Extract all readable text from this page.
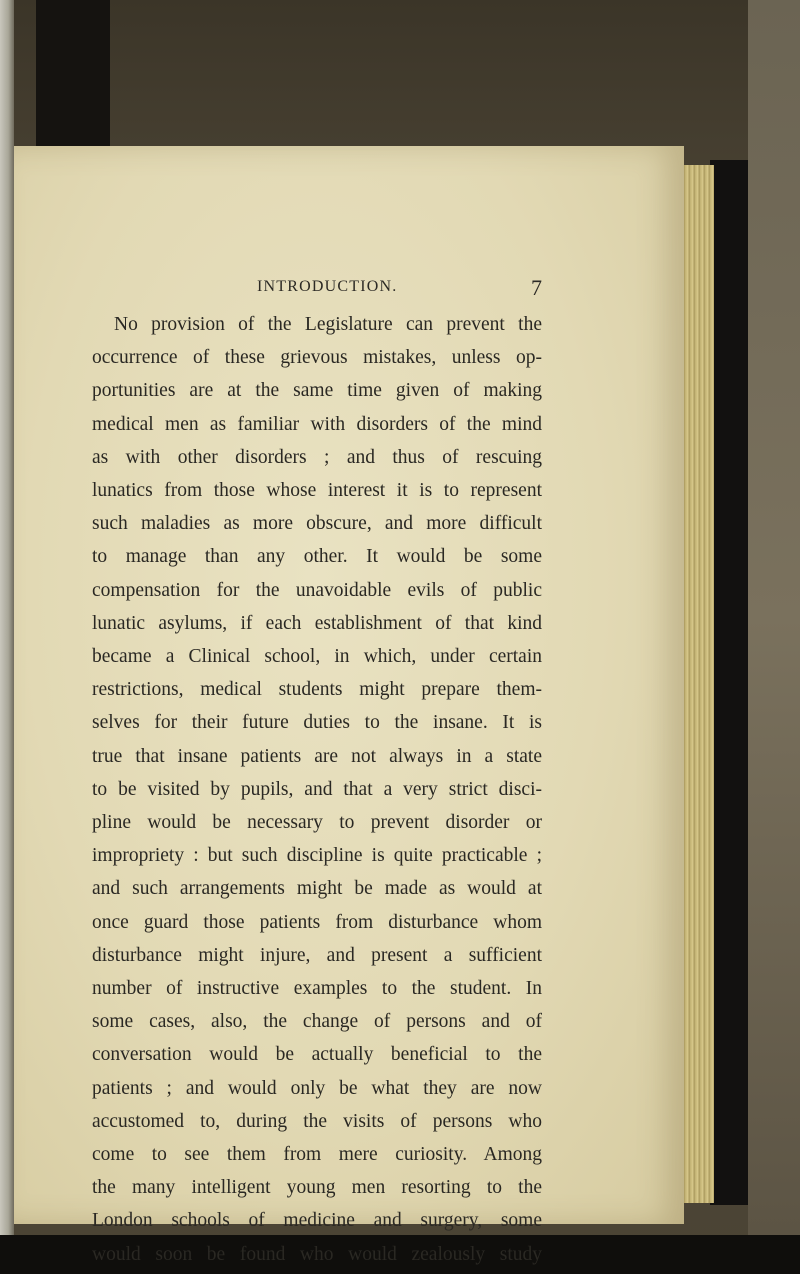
INTRODUCTION.	7
No provision of the Legislature can prevent the
occurrence of these grievous mistakes, unless op-
portunities are at the same time given of making
medical men as familiar with disorders of the mind
as with other disorders ; and thus of rescuing
lunatics from those whose interest it is to represent
such maladies as more obscure, and more difficult
to manage than any other. It would be some
compensation for the unavoidable evils of public
lunatic asylums, if each establishment of that kind
became a Clinical school, in which, under certain
restrictions, medical students might prepare them-
selves for their future duties to the insane. It is
true that insane patients are not always in a state
to be visited by pupils, and that a very strict disci-
pline would be necessary to prevent disorder or
impropriety : but such discipline is quite practicable ;
and such arrangements might be made as would at
once guard those patients from disturbance whom
disturbance might injure, and present a sufficient
number of instructive examples to the student. In
some cases, also, the change of persons and of
conversation would be actually beneficial to the
patients ; and would only be what they are now
accustomed to, during the visits of persons who
come to see them from mere curiosity. Among
the many intelligent young men resorting to the
London schools of medicine and surgery, some
would soon be found who would zealously study
